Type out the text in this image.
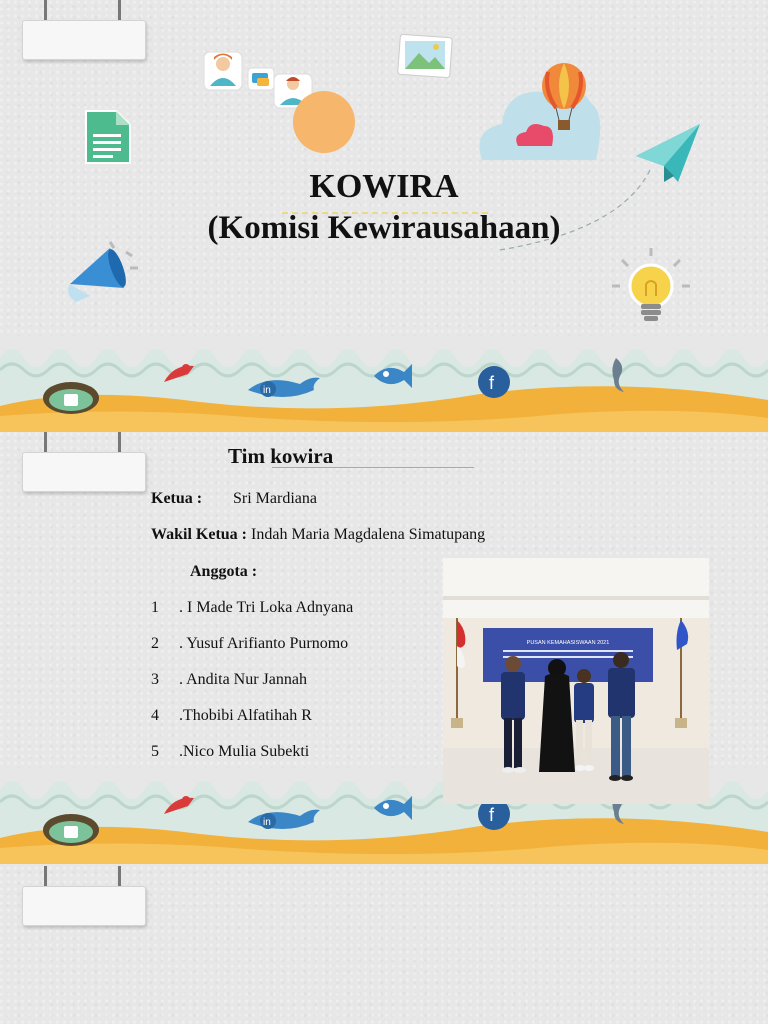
KOWIRA
(Komisi Kewirausahaan)
in	f
Tim kowira
Ketua : Sri Mardiana
Wakil Ketua : Indah Maria Magdalena Simatupang
Anggota :
1 . I Made Tri Loka Adnyana
2 . Yusuf Arifianto Purnomo
3 . Andita Nur Jannah
4 .Thobibi Alfatihah R
5 .Nico Mulia Subekti
in	f
PUSAN KEMAHASISWAAN 2021
